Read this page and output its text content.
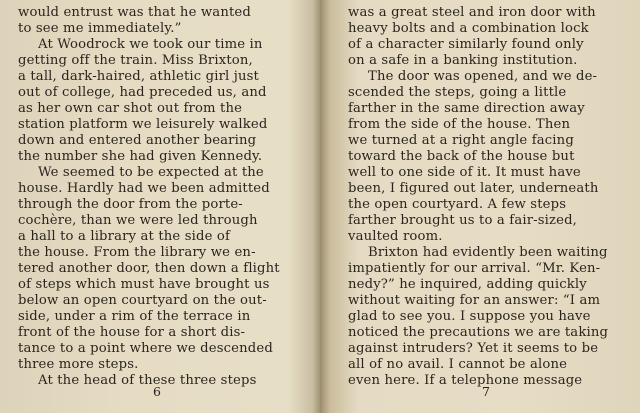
would entrust was that he wanted
to see me immediately.”
At Woodrock we took our time in
getting off the train. Miss Brixton,
a tall, dark-haired, athletic girl just
out of college, had preceded us, and
as her own car shot out from the
station platform we leisurely walked
down and entered another bearing
the number she had given Kennedy.
We seemed to be expected at the
house. Hardly had we been admitted
through the door from the porte-
cochère, than we were led through
a hall to a library at the side of
the house. From the library we en-
tered another door, then down a flight
of steps which must have brought us
below an open courtyard on the out-
side, under a rim of the terrace in
front of the house for a short dis-
tance to a point where we descended
three more steps.
At the head of these three steps
6
was a great steel and iron door with
heavy bolts and a combination lock
of a character similarly found only
on a safe in a banking institution.
The door was opened, and we de-
scended the steps, going a little
farther in the same direction away
from the side of the house. Then
we turned at a right angle facing
toward the back of the house but
well to one side of it. It must have
been, I figured out later, underneath
the open courtyard. A few steps
farther brought us to a fair-sized,
vaulted room.
Brixton had evidently been waiting
impatiently for our arrival. “Mr. Ken-
nedy?” he inquired, adding quickly
without waiting for an answer: “I am
glad to see you. I suppose you have
noticed the precautions we are taking
against intruders? Yet it seems to be
all of no avail. I cannot be alone
even here. If a telephone message
7
